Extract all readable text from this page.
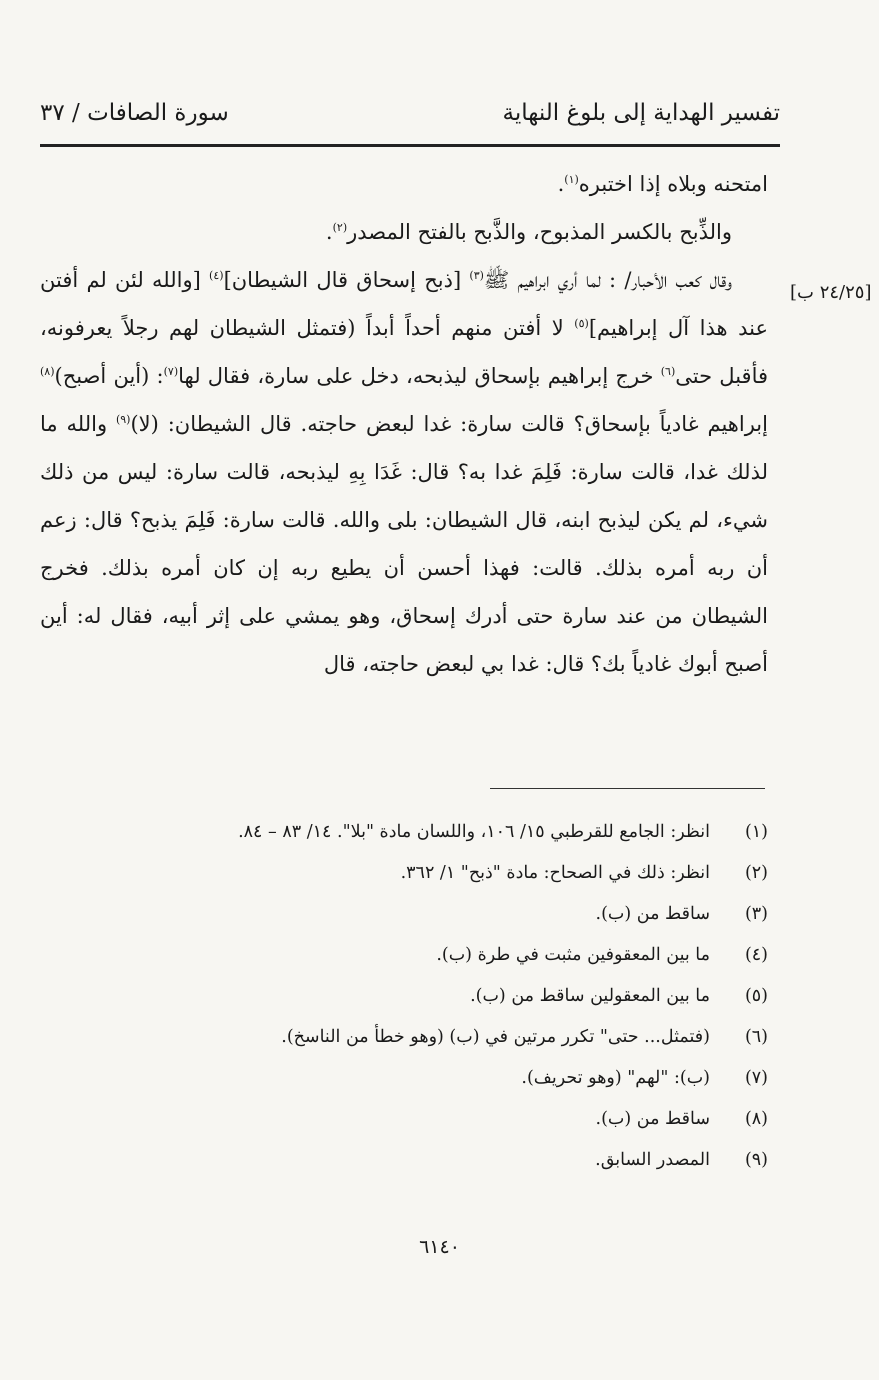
تفسير الهداية إلى بلوغ النهاية
سورة الصافات / ٣٧
[٢٤/٢٥ ب]

امتحنه وبلاه إذا اختبره$^{(١)}$.

والذِّبح بالكسر المذبوح، والذَّبح بالفتح المصدر$^{(٢)}$.

وقال كعب الأحبار/ : لما أري ابراهيم ﷺ$^{(٣)}$ [ذبح إسحاق قال الشيطان]$^{(٤)}$ [والله لئن لم أفتن عند هذا آل إبراهيم]$^{(٥)}$ لا أفتن منهم أحداً أبداً (فتمثل الشيطان لهم رجلاً يعرفونه، فأقبل حتى$^{(٦)}$ خرج إبراهيم بإسحاق ليذبحه، دخل على سارة، فقال لها$^{(٧)}$: (أين أصبح)$^{(٨)}$ إبراهيم غادياً بإسحاق؟ قالت سارة: غدا لبعض حاجته. قال الشيطان: (لا)$^{(٩)}$ والله ما لذلك غدا، قالت سارة: فَلِمَ غدا به؟ قال: غَدَا بِهِ ليذبحه، قالت سارة: ليس من ذلك شيء، لم يكن ليذبح ابنه، قال الشيطان: بلى والله. قالت سارة: فَلِمَ يذبح؟ قال: زعم أن ربه أمره بذلك. قالت: فهذا أحسن أن يطيع ربه إن كان أمره بذلك. فخرج الشيطان من عند سارة حتى أدرك إسحاق، وهو يمشي على إثر أبيه، فقال له: أين أصبح أبوك غادياً بك؟ قال: غدا بي لبعض حاجته، قال

(١)
انظر: الجامع للقرطبي ١٥/ ١٠٦، واللسان مادة "بلا". ١٤/ ٨٣ – ٨٤.
(٢)
انظر: ذلك في الصحاح: مادة "ذبح" ١/ ٣٦٢.
(٣)
ساقط من (ب).
(٤)
ما بين المعقوفين مثبت في طرة (ب).
(٥)
ما بين المعقولين ساقط من (ب).
(٦)
(فتمثل... حتى" تكرر مرتين في (ب) (وهو خطأ من الناسخ).
(٧)
(ب): "لهم" (وهو تحريف).
(٨)
ساقط من (ب).
(٩)
المصدر السابق.
٦١٤٠
